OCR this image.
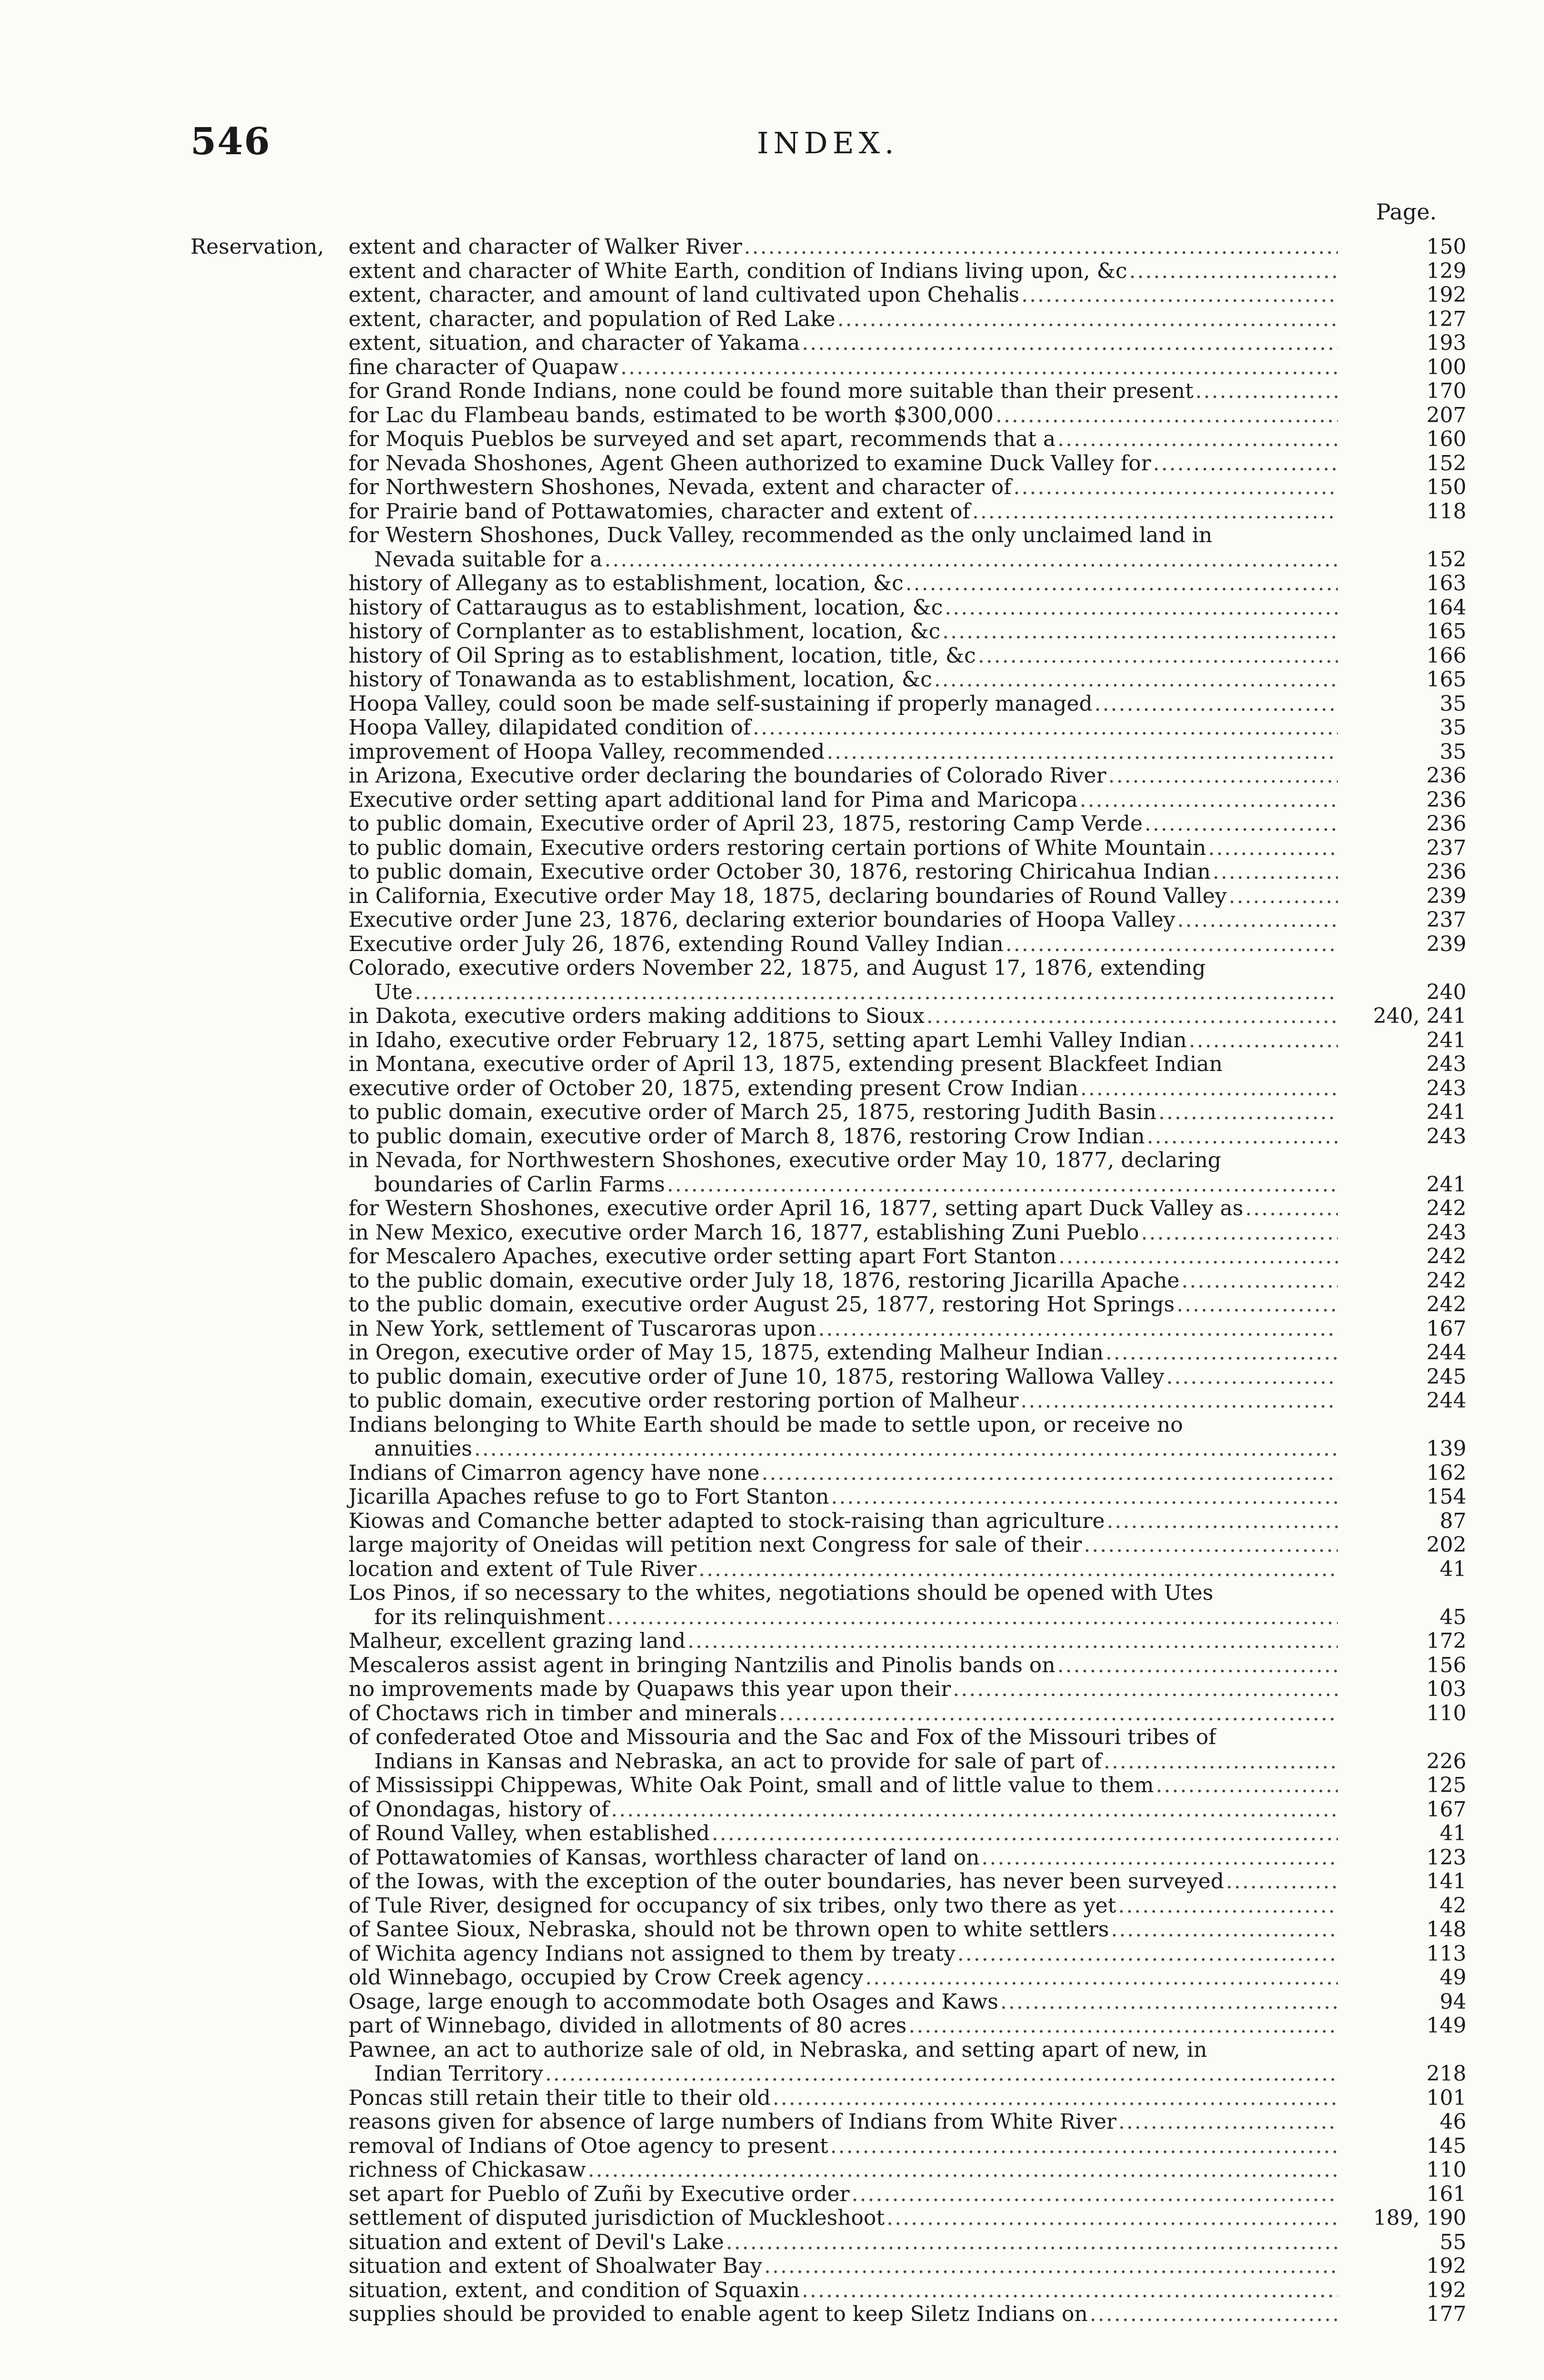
546	INDEX.
Page.
Reservation,	extent and character of Walker River .....	150
extent and character of White Earth, condition of Indians living upon, &c .....	129
extent, character, and amount of land cultivated upon Chehalis .....	192
extent, character, and population of Red Lake .....	127
extent, situation, and character of Yakama .....	193
fine character of Quapaw .....	100
for Grand Ronde Indians, none could be found more suitable than their present .....	170
for Lac du Flambeau bands, estimated to be worth $300,000 .....	207
for Moquis Pueblos be surveyed and set apart, recommends that a .....	160
for Nevada Shoshones, Agent Gheen authorized to examine Duck Valley for .....	152
for Northwestern Shoshones, Nevada, extent and character of .....	150
for Prairie band of Pottawatomies, character and extent of .....	118
for Western Shoshones, Duck Valley, recommended as the only unclaimed land in
Nevada suitable for a .....	152
history of Allegany as to establishment, location, &c .....	163
history of Cattaraugus as to establishment, location, &c .....	164
history of Cornplanter as to establishment, location, &c .....	165
history of Oil Spring as to establishment, location, title, &c .....	166
history of Tonawanda as to establishment, location, &c .....	165
Hoopa Valley, could soon be made self-sustaining if properly managed .....	35
Hoopa Valley, dilapidated condition of .....	35
improvement of Hoopa Valley, recommended .....	35
in Arizona, Executive order declaring the boundaries of Colorado River .....	236
Executive order setting apart additional land for Pima and Maricopa .....	236
to public domain, Executive order of April 23, 1875, restoring Camp Verde .....	236
to public domain, Executive orders restoring certain portions of White Mountain .....	237
to public domain, Executive order October 30, 1876, restoring Chiricahua Indian .....	236
in California, Executive order May 18, 1875, declaring boundaries of Round Valley .....	239
Executive order June 23, 1876, declaring exterior boundaries of Hoopa Valley .....	237
Executive order July 26, 1876, extending Round Valley Indian .....	239
Colorado, executive orders November 22, 1875, and August 17, 1876, extending
Ute .....	240
in Dakota, executive orders making additions to Sioux .....	240, 241
in Idaho, executive order February 12, 1875, setting apart Lemhi Valley Indian .....	241
in Montana, executive order of April 13, 1875, extending present Blackfeet Indian	243
executive order of October 20, 1875, extending present Crow Indian .....	243
to public domain, executive order of March 25, 1875, restoring Judith Basin .....	241
to public domain, executive order of March 8, 1876, restoring Crow Indian .....	243
in Nevada, for Northwestern Shoshones, executive order May 10, 1877, declaring
boundaries of Carlin Farms .....	241
for Western Shoshones, executive order April 16, 1877, setting apart Duck Valley as .....	242
in New Mexico, executive order March 16, 1877, establishing Zuni Pueblo .....	243
for Mescalero Apaches, executive order setting apart Fort Stanton .....	242
to the public domain, executive order July 18, 1876, restoring Jicarilla Apache .....	242
to the public domain, executive order August 25, 1877, restoring Hot Springs .....	242
in New York, settlement of Tuscaroras upon .....	167
in Oregon, executive order of May 15, 1875, extending Malheur Indian .....	244
to public domain, executive order of June 10, 1875, restoring Wallowa Valley .....	245
to public domain, executive order restoring portion of Malheur .....	244
Indians belonging to White Earth should be made to settle upon, or receive no
annuities .....	139
Indians of Cimarron agency have none .....	162
Jicarilla Apaches refuse to go to Fort Stanton .....	154
Kiowas and Comanche better adapted to stock-raising than agriculture .....	87
large majority of Oneidas will petition next Congress for sale of their .....	202
location and extent of Tule River .....	41
Los Pinos, if so necessary to the whites, negotiations should be opened with Utes
for its relinquishment .....	45
Malheur, excellent grazing land .....	172
Mescaleros assist agent in bringing Nantzilis and Pinolis bands on .....	156
no improvements made by Quapaws this year upon their .....	103
of Choctaws rich in timber and minerals .....	110
of confederated Otoe and Missouria and the Sac and Fox of the Missouri tribes of
Indians in Kansas and Nebraska, an act to provide for sale of part of .....	226
of Mississippi Chippewas, White Oak Point, small and of little value to them .....	125
of Onondagas, history of .....	167
of Round Valley, when established .....	41
of Pottawatomies of Kansas, worthless character of land on .....	123
of the Iowas, with the exception of the outer boundaries, has never been surveyed .....	141
of Tule River, designed for occupancy of six tribes, only two there as yet .....	42
of Santee Sioux, Nebraska, should not be thrown open to white settlers .....	148
of Wichita agency Indians not assigned to them by treaty .....	113
old Winnebago, occupied by Crow Creek agency .....	49
Osage, large enough to accommodate both Osages and Kaws .....	94
part of Winnebago, divided in allotments of 80 acres .....	149
Pawnee, an act to authorize sale of old, in Nebraska, and setting apart of new, in
Indian Territory .....	218
Poncas still retain their title to their old .....	101
reasons given for absence of large numbers of Indians from White River .....	46
removal of Indians of Otoe agency to present .....	145
richness of Chickasaw .....	110
set apart for Pueblo of Zuñi by Executive order .....	161
settlement of disputed jurisdiction of Muckleshoot .....	189, 190
situation and extent of Devil's Lake .....	55
situation and extent of Shoalwater Bay .....	192
situation, extent, and condition of Squaxin .....	192
supplies should be provided to enable agent to keep Siletz Indians on .....	177
